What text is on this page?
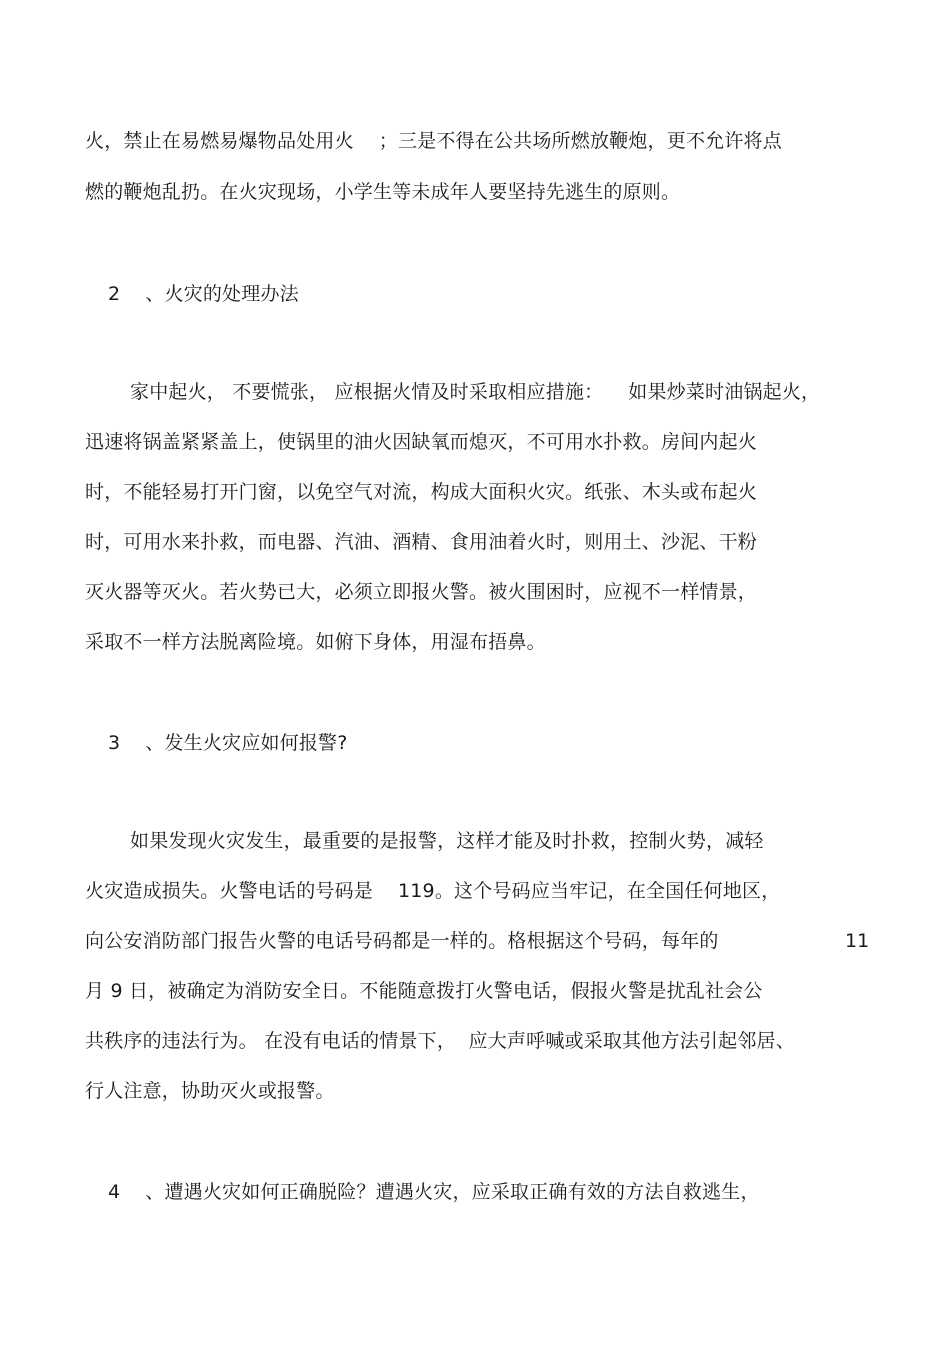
火，禁止在易燃易爆物品处用火    ；三是不得在公共场所燃放鞭炮，更不允许将点
燃的鞭炮乱扔。在火灾现场，小学生等未成年人要坚持先逃生的原则。
2    、火灾的处理办法
家中起火， 不要慌张， 应根据火情及时采取相应措施：    如果炒菜时油锅起火，
迅速将锅盖紧紧盖上，使锅里的油火因缺氧而熄灭，不可用水扑救。房间内起火
时，不能轻易打开门窗，以免空气对流，构成大面积火灾。纸张、木头或布起火
时，可用水来扑救，而电器、汽油、酒精、食用油着火时，则用土、沙泥、干粉
灭火器等灭火。若火势已大，必须立即报火警。被火围困时，应视不一样情景，
采取不一样方法脱离险境。如俯下身体，用湿布捂鼻。
3    、发生火灾应如何报警?
如果发现火灾发生，最重要的是报警，这样才能及时扑救，控制火势，减轻
火灾造成损失。火警电话的号码是    119。这个号码应当牢记，在全国任何地区，
向公安消防部门报告火警的电话号码都是一样的。格根据这个号码，每年的	11
月 9 日，被确定为消防安全日。不能随意拨打火警电话，假报火警是扰乱社会公
共秩序的违法行为。 在没有电话的情景下，  应大声呼喊或采取其他方法引起邻居、
行人注意，协助灭火或报警。
4    、遭遇火灾如何正确脱险？遭遇火灾，应采取正确有效的方法自救逃生，
